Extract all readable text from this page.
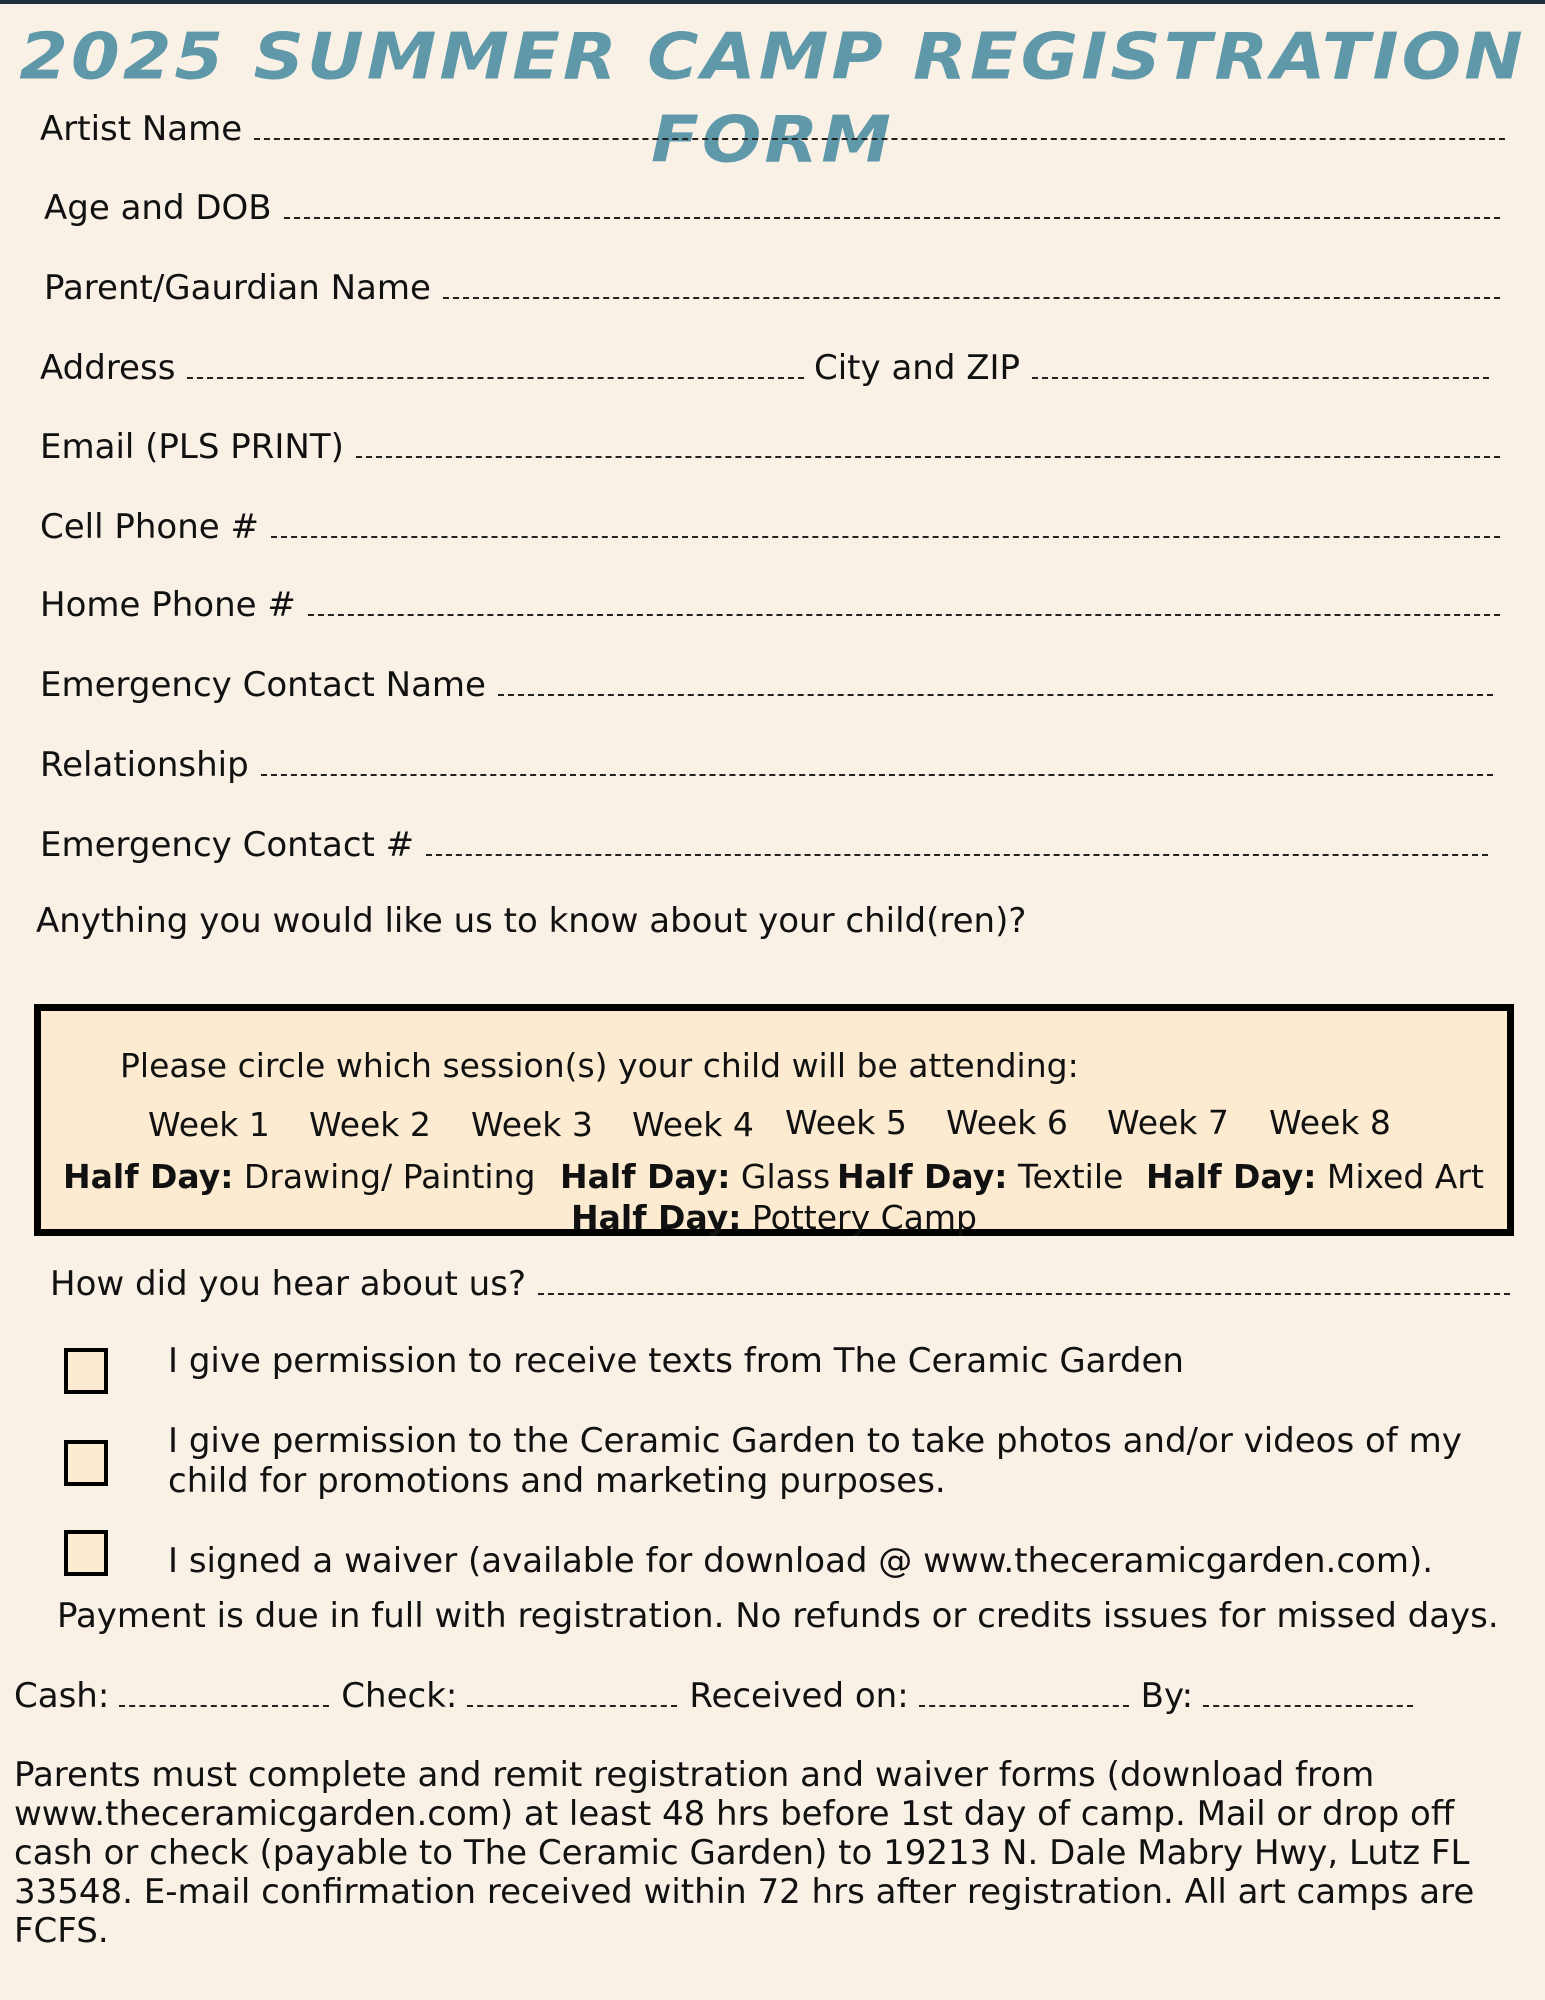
2025 SUMMER CAMP REGISTRATION FORM
Artist Name
Age and DOB
Parent/Gaurdian Name
Address	City and ZIP
Email (PLS PRINT)
Cell Phone #
Home Phone #
Emergency Contact Name
Relationship
Emergency Contact #
Anything you would like us to know about your child(ren)?
Please circle which session(s) your child will be attending:
Week 1 Week 2 Week 3 Week 4 Week 5 Week 6 Week 7 Week 8
Half Day: Drawing/ Painting Half Day: Glass Half Day: Textile Half Day: Mixed Art
Half Day: Pottery Camp
How did you hear about us?
I give permission to receive texts from The Ceramic Garden
I give permission to the Ceramic Garden to take photos and/or videos of my child for promotions and marketing purposes.
I signed a waiver (available for download @ www.theceramicgarden.com).
Payment is due in full with registration. No refunds or credits issues for missed days.
Cash:	Check:	Received on:	By:
Parents must complete and remit registration and waiver forms (download from www.theceramicgarden.com) at least 48 hrs before 1st day of camp. Mail or drop off cash or check (payable to The Ceramic Garden) to 19213 N. Dale Mabry Hwy, Lutz FL 33548. E-mail confirmation received within 72 hrs after registration. All art camps are FCFS.
